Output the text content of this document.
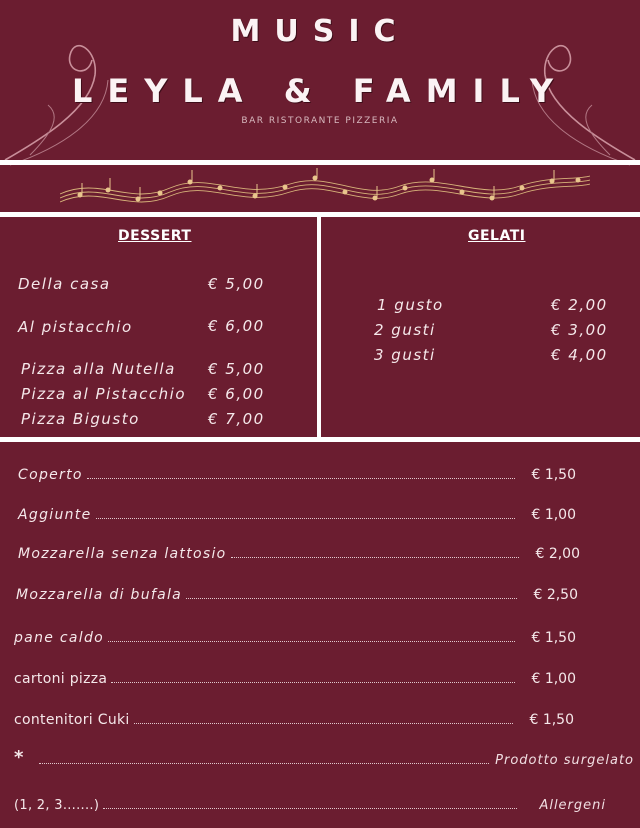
MUSIC
LEYLA & FAMILY
BAR RISTORANTE PIZZERIA
DESSERT
Della casa	€ 5,00
Al pistacchio	€ 6,00
Pizza alla Nutella € 5,00
Pizza al Pistacchio € 6,00
Pizza Bigusto	€ 7,00
GELATI
1 gusto	€ 2,00
2 gusti	€ 3,00
3 gusti	€ 4,00
Coperto	€ 1,50
Aggiunte	€ 1,00
Mozzarella senza lattosio	€ 2,00
Mozzarella di bufala	€ 2,50
pane caldo	€ 1,50
cartoni pizza	€ 1,00
contenitori Cuki	€ 1,50
*	Prodotto surgelato
(1, 2, 3.......)	Allergeni
